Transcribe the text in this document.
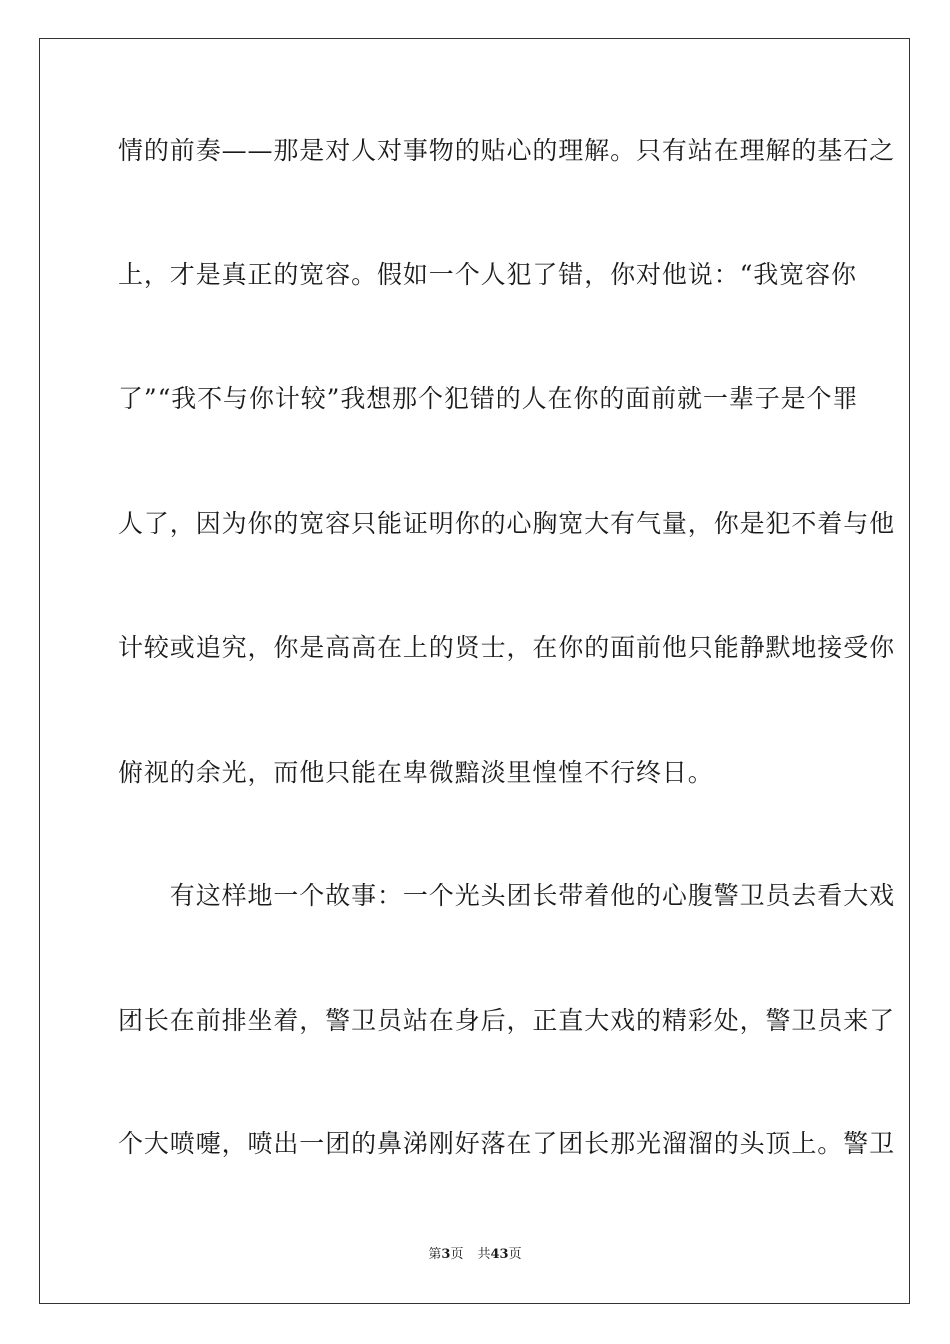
情的前奏——那是对人对事物的贴心的理解。只有站在理解的基石之
上，才是真正的宽容。假如一个人犯了错，你对他说：“我宽容你
了”“我不与你计较”我想那个犯错的人在你的面前就一辈子是个罪
人了，因为你的宽容只能证明你的心胸宽大有气量，你是犯不着与他
计较或追究，你是高高在上的贤士，在你的面前他只能静默地接受你
俯视的余光，而他只能在卑微黯淡里惶惶不行终日。
　　有这样地一个故事：一个光头团长带着他的心腹警卫员去看大戏
团长在前排坐着，警卫员站在身后，正直大戏的精彩处，警卫员来了
个大喷嚏，喷出一团的鼻涕刚好落在了团长那光溜溜的头顶上。警卫
第3页 共43页
